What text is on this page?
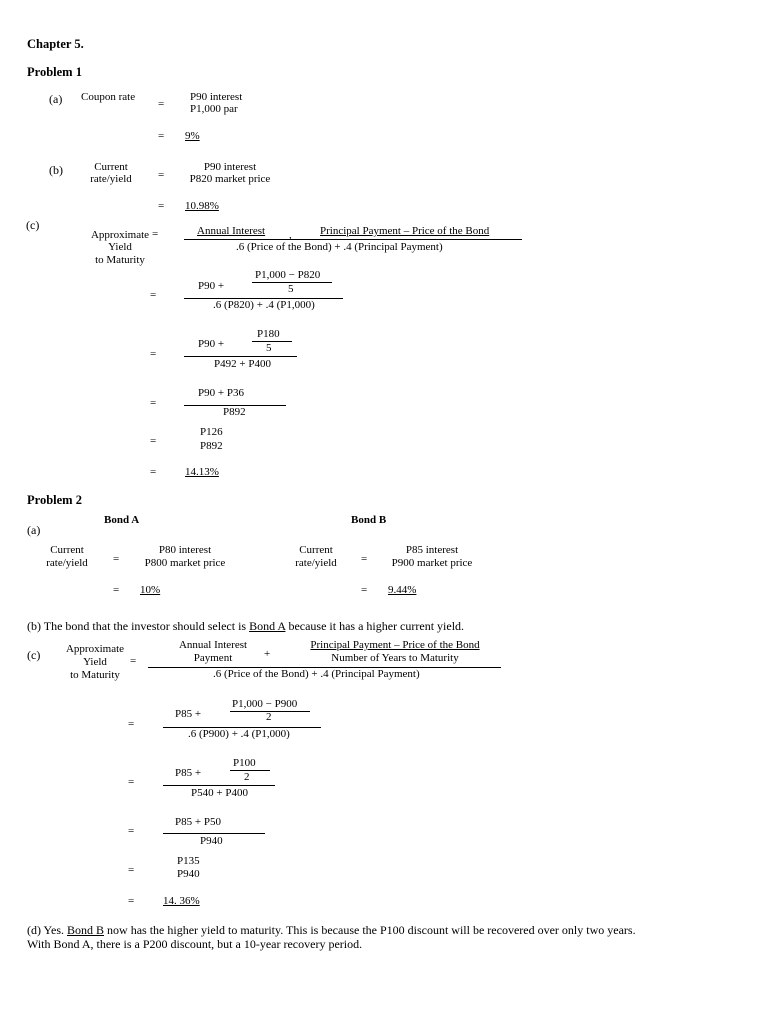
Chapter 5.
Problem 1
(a) Coupon rate
=
P90 interest
P1,000 par
= 9%
(b)	Current
rate/yield	=
P90 interest
P820 market price
= 10.98%
(c)
Approximate
Yield
to Maturity
=	Annual Interest ,	Principal Payment – Price of the Bond
.6 (Price of the Bond) + .4 (Principal Payment)
P1,000 − P820
P90 +	5
=
.6 (P820) + .4 (P1,000)
P180
P90 +	5
=
P492 + P400
P90 + P36
=
P892
P126
=	P892
=	14.13%
Problem 2
Bond A	Bond B
(a)
Current
rate/yield	=
P80 interest
P800 market price
= 10%
Current
rate/yield	=
P85 interest
P900 market price
= 9.44%
(b) The bond that the investor should select is Bond A because it has a higher current yield.
(c)	Approximate
Yield
to Maturity
=
Annual Interest
Payment	+
Principal Payment – Price of the Bond
Number of Years to Maturity
.6 (Price of the Bond) + .4 (Principal Payment)
P1,000 − P900
P85 +	2
=
.6 (P900) + .4 (P1,000)
P100
P85 +	2
=
P540 + P400
P85 + P50
=
P940
P135
=	P940
=	14. 36%
(d) Yes. Bond B now has the higher yield to maturity. This is because the P100 discount will be recovered over only two years.
With Bond A, there is a P200 discount, but a 10-year recovery period.
